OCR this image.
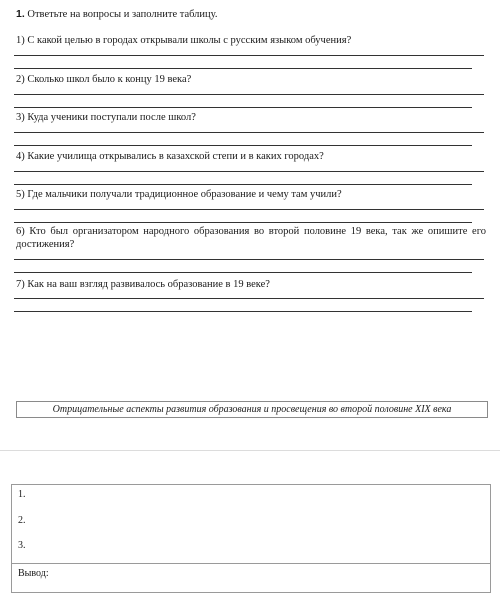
1. Ответьте на вопросы и заполните таблицу.
1) С какой целью в городах открывали школы с русским языком обучения?
2) Сколько школ было к концу 19 века?
3) Куда ученики поступали после школ?
4) Какие училища открывались в казахской степи и в каких городах?
5) Где мальчики получали традиционное образование и чему там учили?
6) Кто был организатором народного образования во второй половине 19 века, так же опишите его достижения?
7) Как на ваш взгляд развивалось образование в 19 веке?
Отрицательные аспекты развития образования и просвещения во второй половине XIX века
1.
2.
3.
Вывод:
